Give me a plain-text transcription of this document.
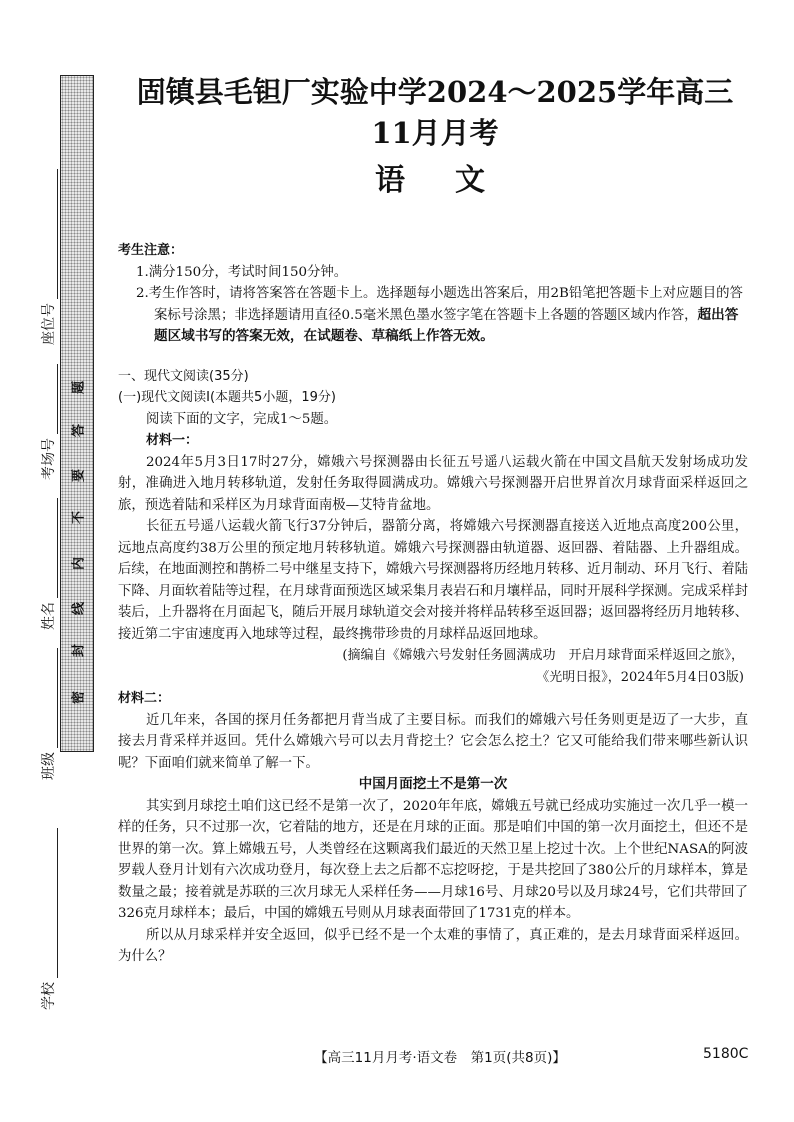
座位号
考场号
姓名
班级
学校
密
封
线
内
不
要
答
题
固镇县毛钽厂实验中学2024～2025学年高三11月月考
语文
考生注意：
1.满分150分，考试时间150分钟。
2.考生作答时，请将答案答在答题卡上。选择题每小题选出答案后，用2B铅笔把答题卡上对应题目的答案标号涂黑；非选择题请用直径0.5毫米黑色墨水签字笔在答题卡上各题的答题区域内作答，超出答题区域书写的答案无效，在试题卷、草稿纸上作答无效。
一、现代文阅读(35分)
(一)现代文阅读Ⅰ(本题共5小题，19分)
阅读下面的文字，完成1～5题。
材料一：
2024年5月3日17时27分，嫦娥六号探测器由长征五号遥八运载火箭在中国文昌航天发射场成功发射，准确进入地月转移轨道，发射任务取得圆满成功。嫦娥六号探测器开启世界首次月球背面采样返回之旅，预选着陆和采样区为月球背面南极—艾特肯盆地。
长征五号遥八运载火箭飞行37分钟后，器箭分离，将嫦娥六号探测器直接送入近地点高度200公里，远地点高度约38万公里的预定地月转移轨道。嫦娥六号探测器由轨道器、返回器、着陆器、上升器组成。后续，在地面测控和鹊桥二号中继星支持下，嫦娥六号探测器将历经地月转移、近月制动、环月飞行、着陆下降、月面软着陆等过程，在月球背面预选区域采集月表岩石和月壤样品，同时开展科学探测。完成采样封装后，上升器将在月面起飞，随后开展月球轨道交会对接并将样品转移至返回器；返回器将经历月地转移、接近第二宇宙速度再入地球等过程，最终携带珍贵的月球样品返回地球。
(摘编自《嫦娥六号发射任务圆满成功　开启月球背面采样返回之旅》，
《光明日报》，2024年5月4日03版)
材料二：
近几年来，各国的探月任务都把月背当成了主要目标。而我们的嫦娥六号任务则更是迈了一大步，直接去月背采样并返回。凭什么嫦娥六号可以去月背挖土？它会怎么挖土？它又可能给我们带来哪些新认识呢？下面咱们就来简单了解一下。
中国月面挖土不是第一次
其实到月球挖土咱们这已经不是第一次了，2020年年底，嫦娥五号就已经成功实施过一次几乎一模一样的任务，只不过那一次，它着陆的地方，还是在月球的正面。那是咱们中国的第一次月面挖土，但还不是世界的第一次。算上嫦娥五号，人类曾经在这颗离我们最近的天然卫星上挖过十次。上个世纪NASA的阿波罗载人登月计划有六次成功登月，每次登上去之后都不忘挖呀挖，于是共挖回了380公斤的月球样本，算是数量之最；接着就是苏联的三次月球无人采样任务——月球16号、月球20号以及月球24号，它们共带回了326克月球样本；最后，中国的嫦娥五号则从月球表面带回了1731克的样本。
所以从月球采样并安全返回，似乎已经不是一个太难的事情了，真正难的，是去月球背面采样返回。为什么？
【高三11月月考·语文卷　第1页(共8页)】	5180C
